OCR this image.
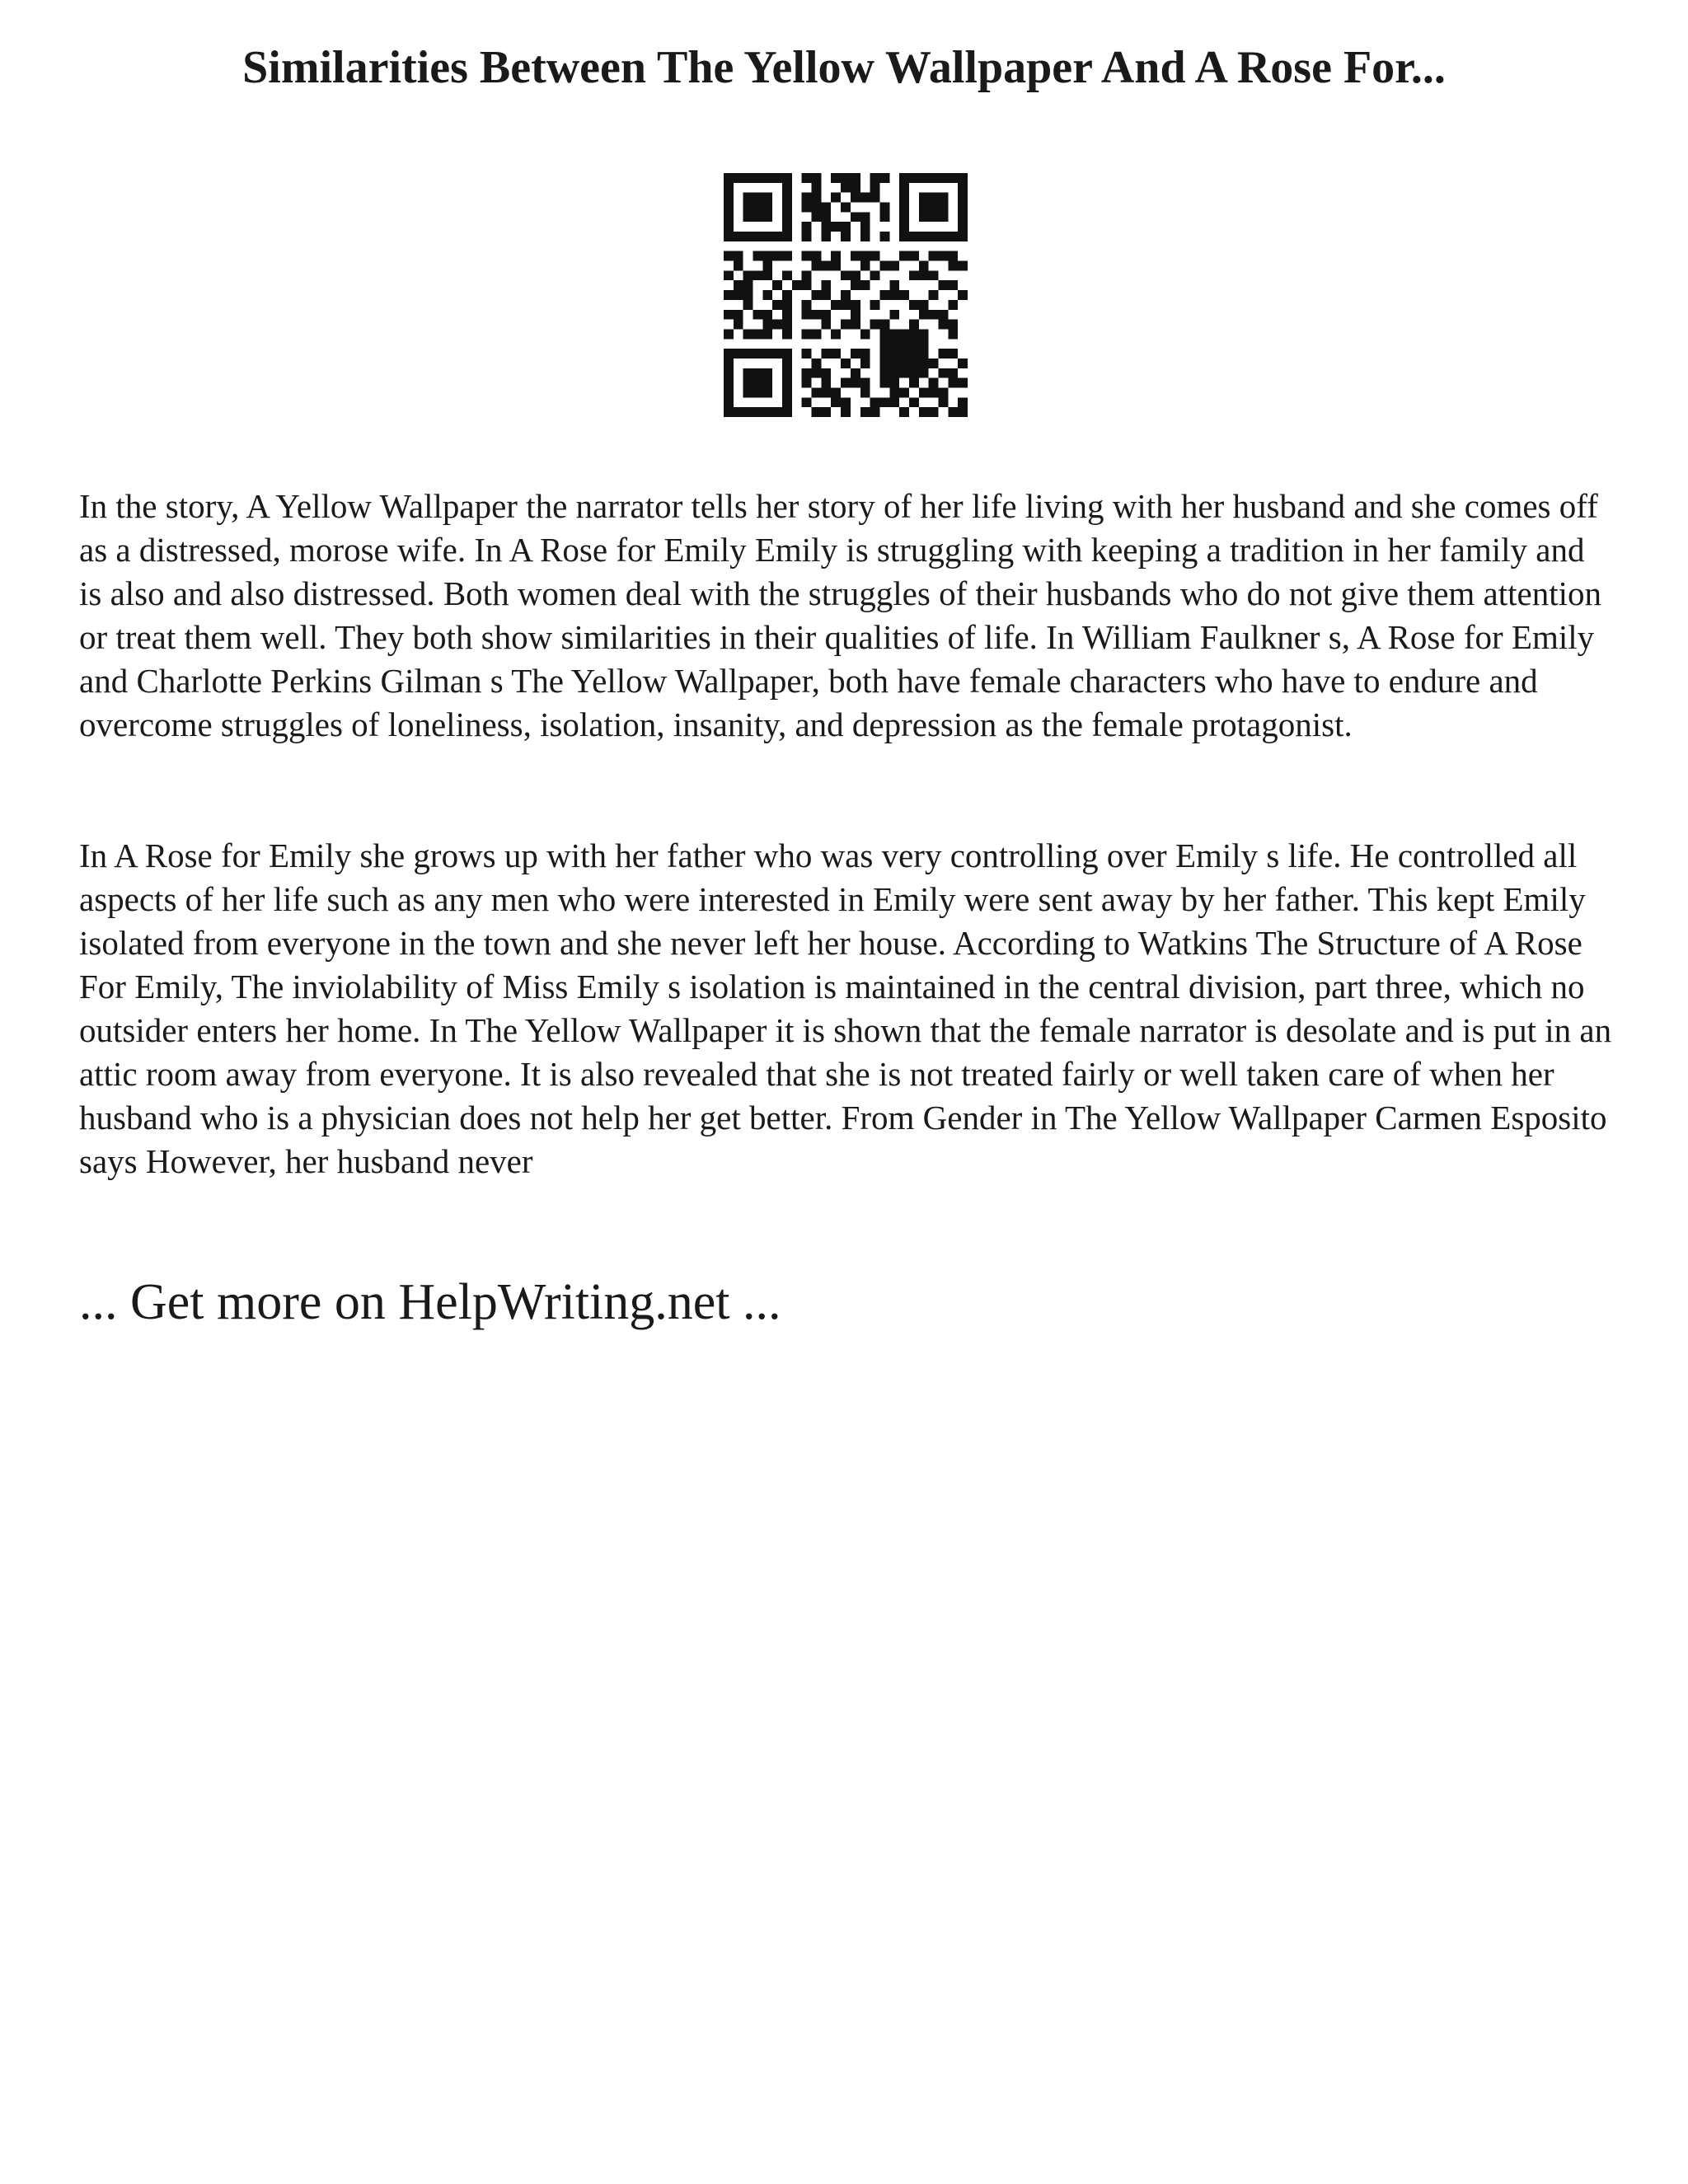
Similarities Between The Yellow Wallpaper And A Rose For...

In the story, A Yellow Wallpaper the narrator tells her story of her life living with her husband and she comes off as a distressed, morose wife. In A Rose for Emily Emily is struggling with keeping a tradition in her family and is also and also distressed. Both women deal with the struggles of their husbands who do not give them attention or treat them well. They both show similarities in their qualities of life. In William Faulkner s, A Rose for Emily and Charlotte Perkins Gilman s The Yellow Wallpaper, both have female characters who have to endure and overcome struggles of loneliness, isolation, insanity, and depression as the female protagonist.

In A Rose for Emily she grows up with her father who was very controlling over Emily s life. He controlled all aspects of her life such as any men who were interested in Emily were sent away by her father. This kept Emily isolated from everyone in the town and she never left her house. According to Watkins The Structure of A Rose For Emily, The inviolability of Miss Emily s isolation is maintained in the central division, part three, which no outsider enters her home. In The Yellow Wallpaper it is shown that the female narrator is desolate and is put in an attic room away from everyone. It is also revealed that she is not treated fairly or well taken care of when her husband who is a physician does not help her get better. From Gender in The Yellow Wallpaper Carmen Esposito says However, her husband never

... Get more on HelpWriting.net ...
